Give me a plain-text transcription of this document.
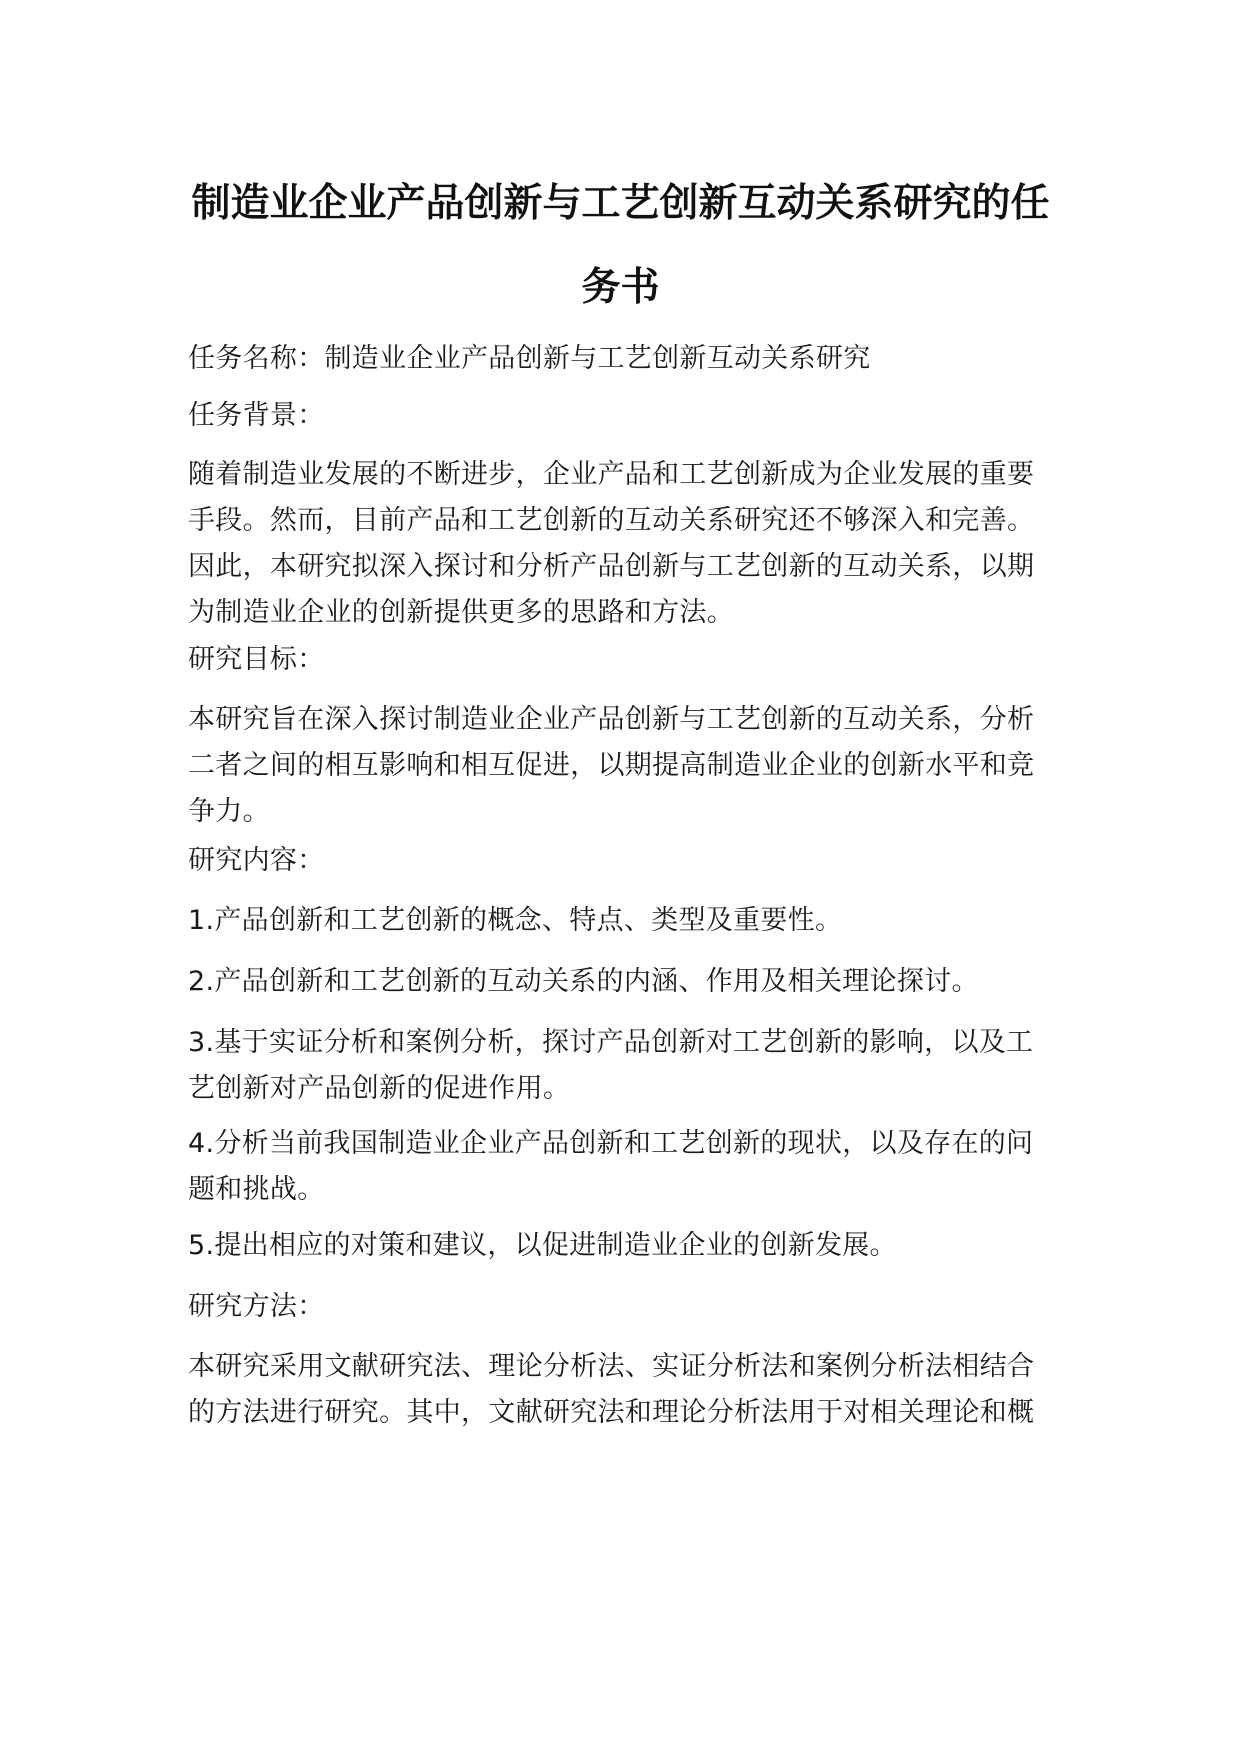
制造业企业产品创新与工艺创新互动关系研究的任
务书
任务名称：制造业企业产品创新与工艺创新互动关系研究
任务背景：
随着制造业发展的不断进步，企业产品和工艺创新成为企业发展的重要手段。然而，目前产品和工艺创新的互动关系研究还不够深入和完善。因此，本研究拟深入探讨和分析产品创新与工艺创新的互动关系，以期为制造业企业的创新提供更多的思路和方法。
研究目标：
本研究旨在深入探讨制造业企业产品创新与工艺创新的互动关系，分析二者之间的相互影响和相互促进，以期提高制造业企业的创新水平和竞争力。
研究内容：
1.产品创新和工艺创新的概念、特点、类型及重要性。
2.产品创新和工艺创新的互动关系的内涵、作用及相关理论探讨。
3.基于实证分析和案例分析，探讨产品创新对工艺创新的影响，以及工艺创新对产品创新的促进作用。
4.分析当前我国制造业企业产品创新和工艺创新的现状，以及存在的问题和挑战。
5.提出相应的对策和建议，以促进制造业企业的创新发展。
研究方法：
本研究采用文献研究法、理论分析法、实证分析法和案例分析法相结合的方法进行研究。其中，文献研究法和理论分析法用于对相关理论和概
